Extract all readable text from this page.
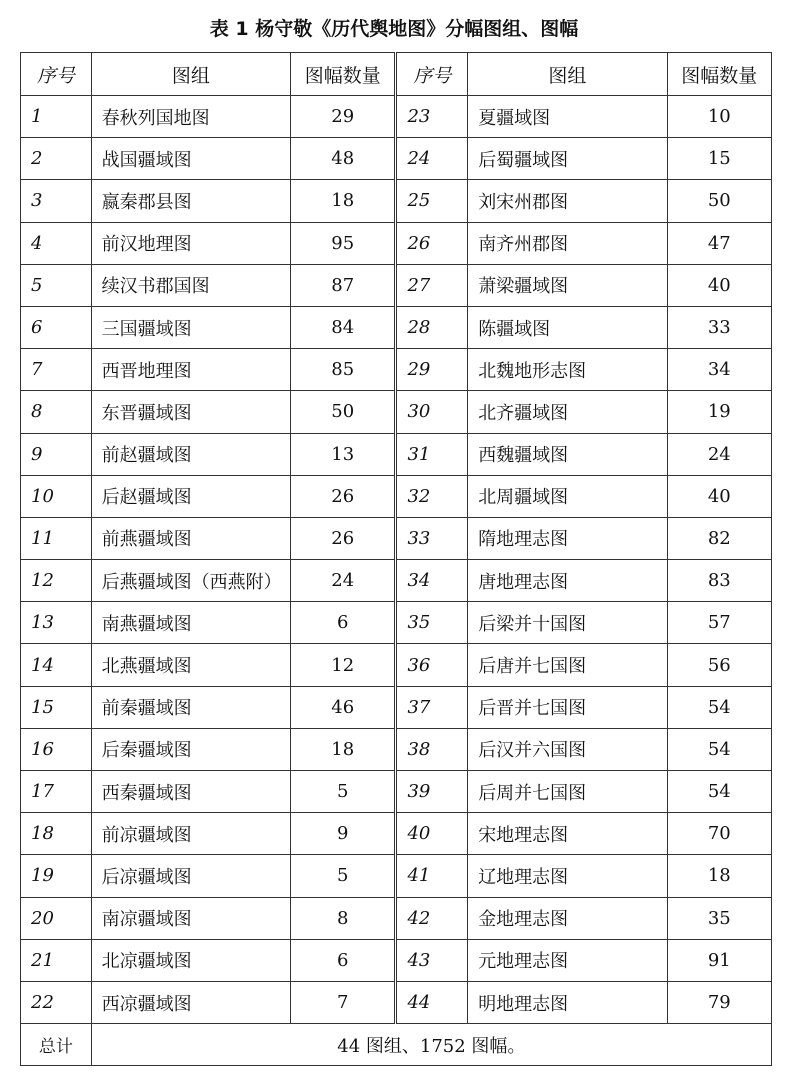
表 1 杨守敬《历代舆地图》分幅图组、图幅
序号	图组	图幅数量	序号	图组	图幅数量
1	春秋列国地图	29	23	夏疆域图	10
2	战国疆域图	48	24	后蜀疆域图	15
3	嬴秦郡县图	18	25	刘宋州郡图	50
4	前汉地理图	95	26	南齐州郡图	47
5	续汉书郡国图	87	27	萧梁疆域图	40
6	三国疆域图	84	28	陈疆域图	33
7	西晋地理图	85	29	北魏地形志图	34
8	东晋疆域图	50	30	北齐疆域图	19
9	前赵疆域图	13	31	西魏疆域图	24
10	后赵疆域图	26	32	北周疆域图	40
11	前燕疆域图	26	33	隋地理志图	82
12	后燕疆域图（西燕附）	24	34	唐地理志图	83
13	南燕疆域图	6	35	后梁并十国图	57
14	北燕疆域图	12	36	后唐并七国图	56
15	前秦疆域图	46	37	后晋并七国图	54
16	后秦疆域图	18	38	后汉并六国图	54
17	西秦疆域图	5	39	后周并七国图	54
18	前凉疆域图	9	40	宋地理志图	70
19	后凉疆域图	5	41	辽地理志图	18
20	南凉疆域图	8	42	金地理志图	35
21	北凉疆域图	6	43	元地理志图	91
22	西凉疆域图	7	44	明地理志图	79
总计	44 图组、1752 图幅。				
